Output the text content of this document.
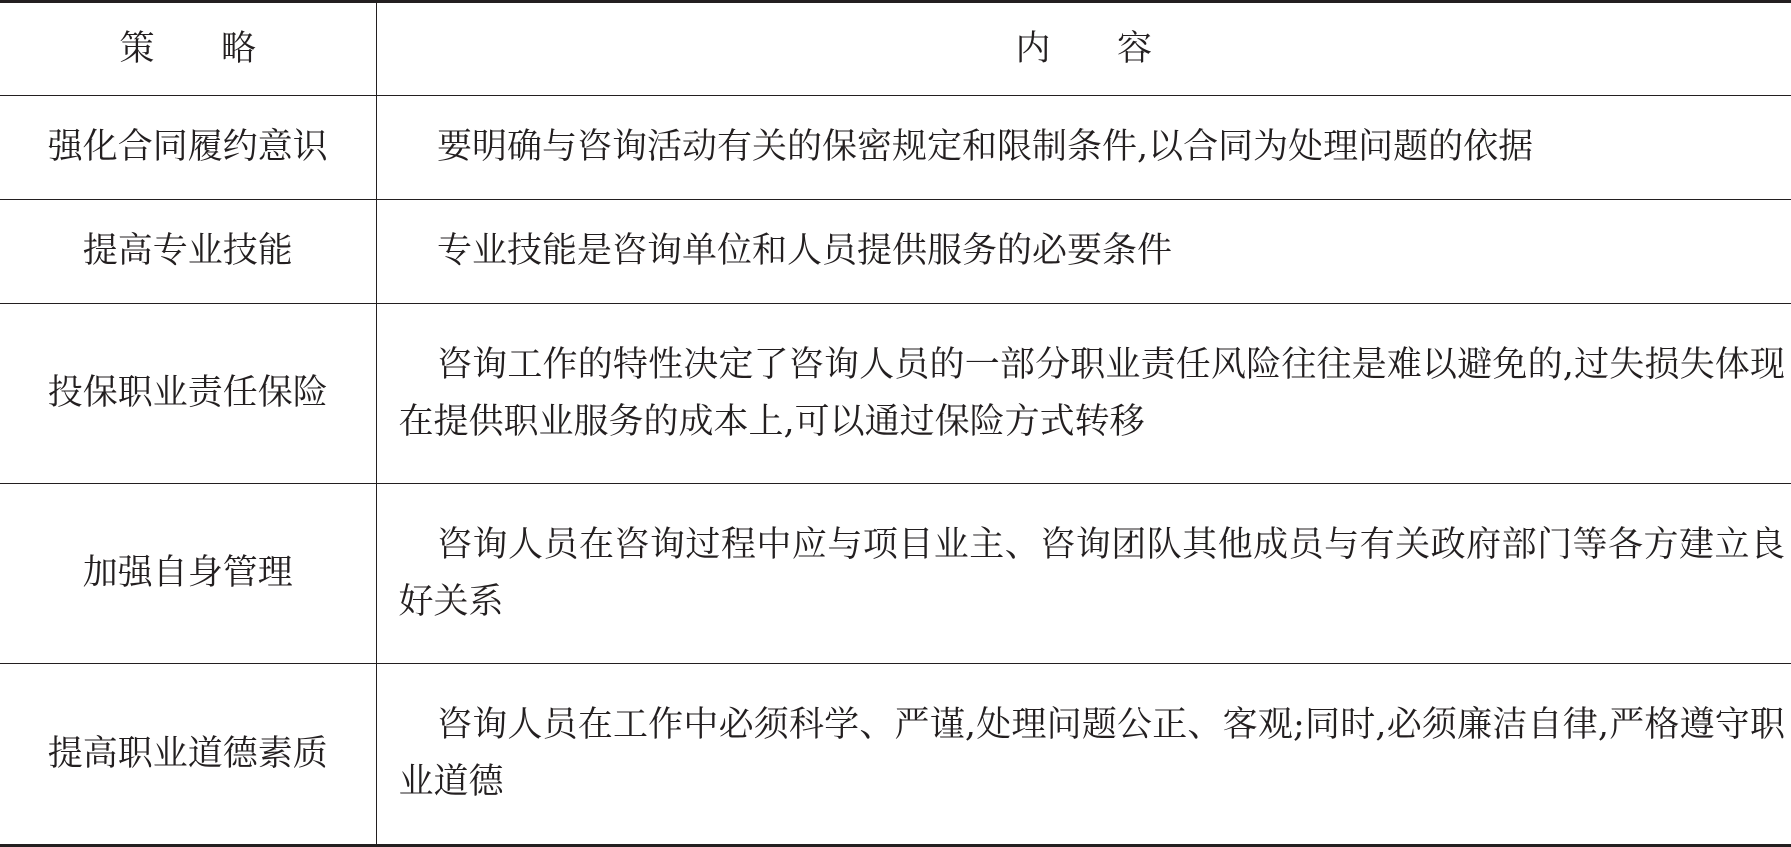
策略	内容
强化合同履约意识	要明确与咨询活动有关的保密规定和限制条件,以合同为处理问题的依据

提高专业技能	专业技能是咨询单位和人员提供服务的必要条件

投保职业责任保险	咨询工作的特性决定了咨询人员的一部分职业责任风险往往是难以避免的,过失损失体现在提供职业服务的成本上,可以通过保险方式转移

加强自身管理	咨询人员在咨询过程中应与项目业主、咨询团队其他成员与有关政府部门等各方建立良好关系

提高职业道德素质	咨询人员在工作中必须科学、严谨,处理问题公正、客观;同时,必须廉洁自律,严格遵守职业道德
